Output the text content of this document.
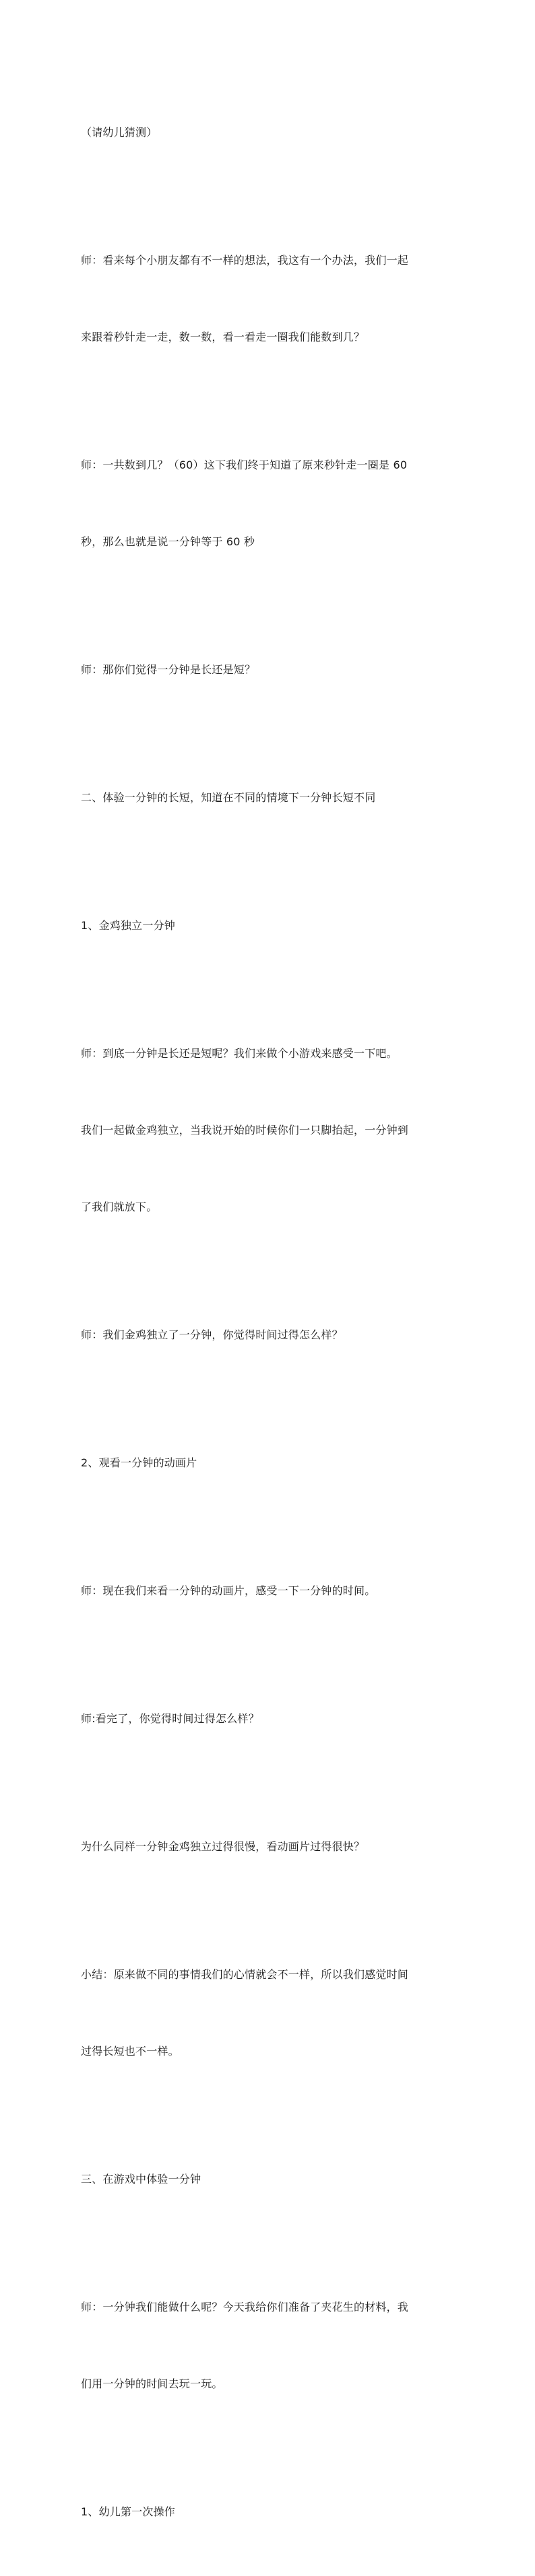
（请幼儿猜测）

师：看来每个小朋友都有不一样的想法，我这有一个办法，我们一起

来跟着秒针走一走，数一数，看一看走一圈我们能数到几？

师：一共数到几？（60）这下我们终于知道了原来秒针走一圈是 60

秒，那么也就是说一分钟等于 60 秒

师：那你们觉得一分钟是长还是短？

二、体验一分钟的长短，知道在不同的情境下一分钟长短不同

1、金鸡独立一分钟

师：到底一分钟是长还是短呢？我们来做个小游戏来感受一下吧。

我们一起做金鸡独立，当我说开始的时候你们一只脚抬起，一分钟到

了我们就放下。

师：我们金鸡独立了一分钟，你觉得时间过得怎么样？

2、观看一分钟的动画片

师：现在我们来看一分钟的动画片，感受一下一分钟的时间。

师:看完了，你觉得时间过得怎么样？

为什么同样一分钟金鸡独立过得很慢，看动画片过得很快？

小结：原来做不同的事情我们的心情就会不一样，所以我们感觉时间

过得长短也不一样。

三、在游戏中体验一分钟

师：一分钟我们能做什么呢？今天我给你们准备了夹花生的材料，我

们用一分钟的时间去玩一玩。

1、幼儿第一次操作
